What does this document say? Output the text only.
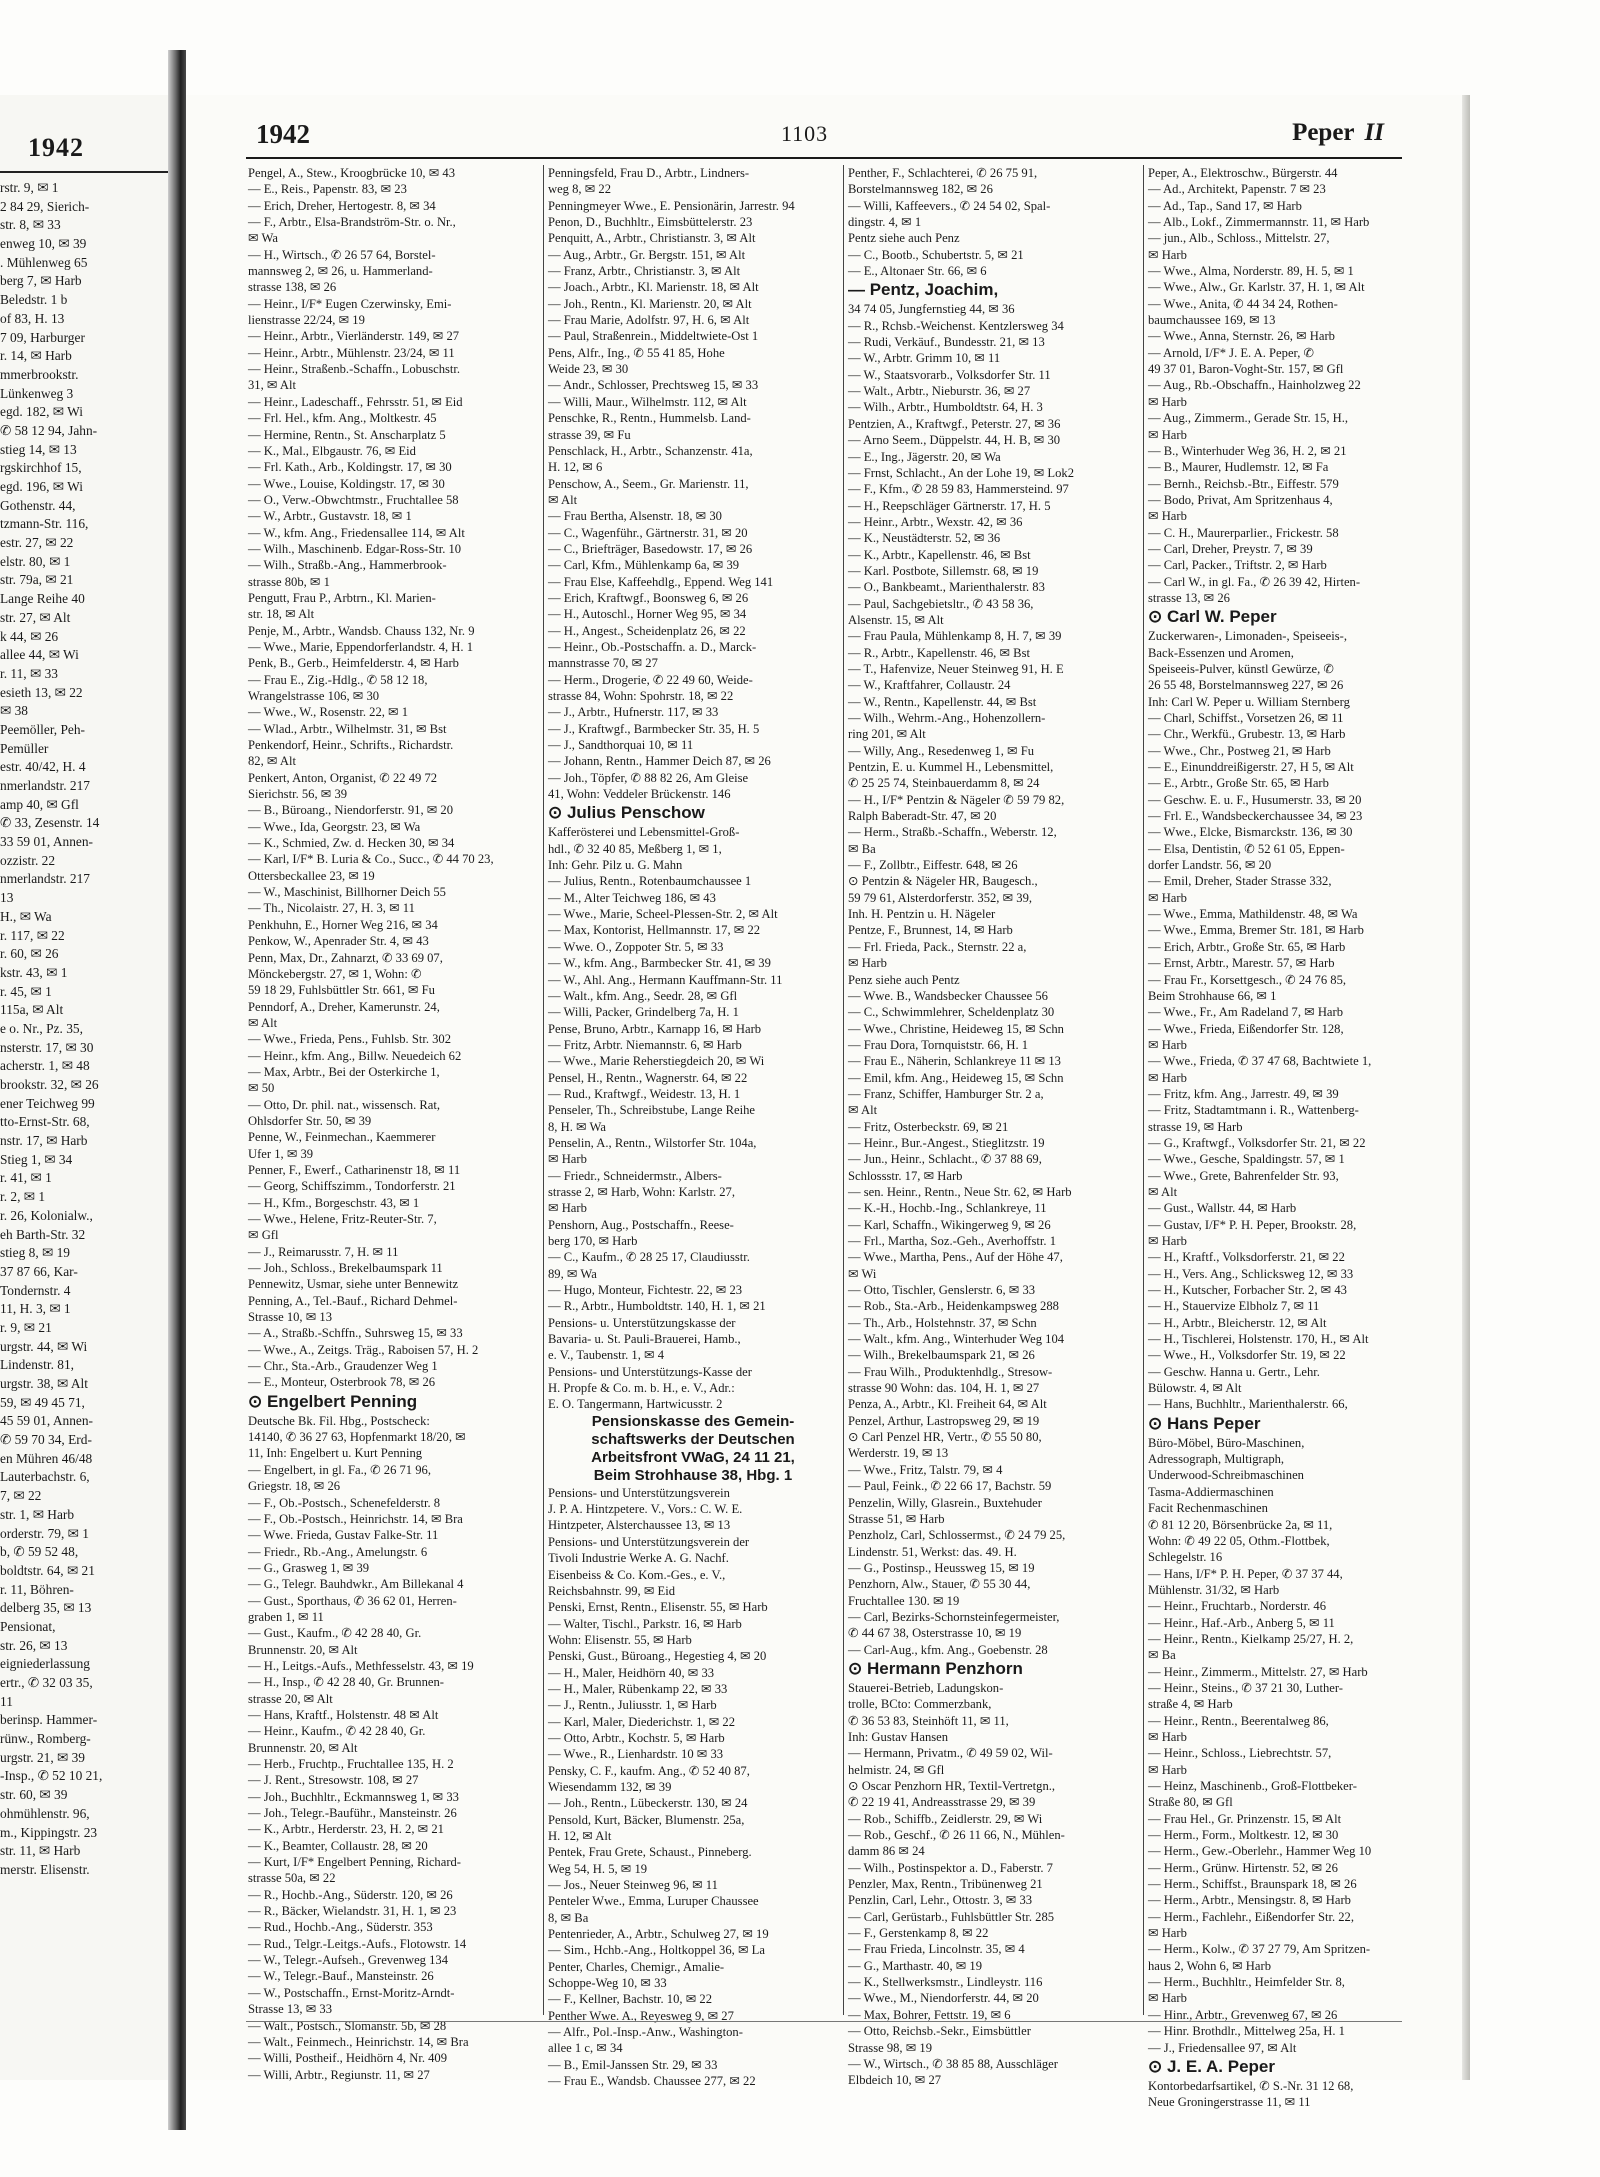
1942
rstr. 9, ✉ 1
2 84 29, Sierich-
str. 8, ✉ 33
enweg 10, ✉ 39
. Mühlenweg 65
berg 7, ✉ Harb
Beledstr. 1 b
of 83, H. 13
7 09, Harburger
r. 14, ✉ Harb
mmerbrookstr.
Lünkenweg 3
egd. 182, ✉ Wi
✆ 58 12 94, Jahn-
stieg 14, ✉ 13
rgskirchhof 15,
egd. 196, ✉ Wi
Gothenstr. 44,
tzmann-Str. 116,
estr. 27, ✉ 22
elstr. 80, ✉ 1
str. 79a, ✉ 21
Lange Reihe 40
str. 27, ✉ Alt
k 44, ✉ 26
allee 44, ✉ Wi
r. 11, ✉ 33
esieth 13, ✉ 22
✉ 38
Peemöller, Peh-
Pemüller
estr. 40/42, H. 4
nmerlandstr. 217
amp 40, ✉ Gfl
✆ 33, Zesenstr. 14
33 59 01, Annen-
ozzistr. 22
nmerlandstr. 217
13
H., ✉ Wa
r. 117, ✉ 22
r. 60, ✉ 26
kstr. 43, ✉ 1
r. 45, ✉ 1
115a, ✉ Alt
e o. Nr., Pz. 35,
nsterstr. 17, ✉ 30
acherstr. 1, ✉ 48
brookstr. 32, ✉ 26
ener Teichweg 99
tto-Ernst-Str. 68,
nstr. 17, ✉ Harb
Stieg 1, ✉ 34
r. 41, ✉ 1
r. 2, ✉ 1
r. 26, Kolonialw.,
eh Barth-Str. 32
stieg 8, ✉ 19
37 87 66, Kar-
Tondernstr. 4
11, H. 3, ✉ 1
r. 9, ✉ 21
urgstr. 44, ✉ Wi
Lindenstr. 81,
urgstr. 38, ✉ Alt
59, ✉ 49 45 71,
45 59 01, Annen-
✆ 59 70 34, Erd-
en Mühren 46/48
Lauterbachstr. 6,
7, ✉ 22
str. 1, ✉ Harb
orderstr. 79, ✉ 1
b, ✆ 59 52 48,
boldtstr. 64, ✉ 21
r. 11, Böhren-
delberg 35, ✉ 13
Pensionat,
str. 26, ✉ 13
eigniederlassung
ertr., ✆ 32 03 35,
11
berinsp. Hammer-
rünw., Romberg-
urgstr. 21, ✉ 39
-Insp., ✆ 52 10 21,
str. 60, ✉ 39
ohmühlenstr. 96,
m., Kippingstr. 23
str. 11, ✉ Harb
merstr. Elisenstr.
1942	1103	Peper II
Pengel, A., Stew., Kroogbrücke 10, ✉ 43
— E., Reis., Papenstr. 83, ✉ 23
— Erich, Dreher, Hertogestr. 8, ✉ 34
— F., Arbtr., Elsa-Brandström-Str. o. Nr.,
✉ Wa
— H., Wirtsch., ✆ 26 57 64, Borstel-
mannsweg 2, ✉ 26, u. Hammerland-
strasse 138, ✉ 26
— Heinr., I/F* Eugen Czerwinsky, Emi-
lienstrasse 22/24, ✉ 19
— Heinr., Arbtr., Vierländerstr. 149, ✉ 27
— Heinr., Arbtr., Mühlenstr. 23/24, ✉ 11
— Heinr., Straßenb.-Schaffn., Lobuschstr.
31, ✉ Alt
— Heinr., Ladeschaff., Fehrsstr. 51, ✉ Eid
— Frl. Hel., kfm. Ang., Moltkestr. 45
— Hermine, Rentn., St. Anscharplatz 5
— K., Mal., Elbgaustr. 76, ✉ Eid
— Frl. Kath., Arb., Koldingstr. 17, ✉ 30
— Wwe., Louise, Koldingstr. 17, ✉ 30
— O., Verw.-Obwchtmstr., Fruchtallee 58
— W., Arbtr., Gustavstr. 18, ✉ 1
— W., kfm. Ang., Friedensallee 114, ✉ Alt
— Wilh., Maschinenb. Edgar-Ross-Str. 10
— Wilh., Straßb.-Ang., Hammerbrook-
strasse 80b, ✉ 1
Pengutt, Frau P., Arbtrn., Kl. Marien-
str. 18, ✉ Alt
Penje, M., Arbtr., Wandsb. Chauss 132, Nr. 9
— Wwe., Marie, Eppendorferlandstr. 4, H. 1
Penk, B., Gerb., Heimfelderstr. 4, ✉ Harb
— Frau E., Zig.-Hdlg., ✆ 58 12 18,
Wrangelstrasse 106, ✉ 30
— Wwe., W., Rosenstr. 22, ✉ 1
— Wlad., Arbtr., Wilhelmstr. 31, ✉ Bst
Penkendorf, Heinr., Schrifts., Richardstr.
82, ✉ Alt
Penkert, Anton, Organist, ✆ 22 49 72
Sierichstr. 56, ✉ 39
— B., Büroang., Niendorferstr. 91, ✉ 20
— Wwe., Ida, Georgstr. 23, ✉ Wa
— K., Schmied, Zw. d. Hecken 30, ✉ 34
— Karl, I/F* B. Luria & Co., Succ., ✆ 44 70 23,
Ottersbeckallee 23, ✉ 19
— W., Maschinist, Billhorner Deich 55
— Th., Nicolaistr. 27, H. 3, ✉ 11
Penkhuhn, E., Horner Weg 216, ✉ 34
Penkow, W., Apenrader Str. 4, ✉ 43
Penn, Max, Dr., Zahnarzt, ✆ 33 69 07,
Mönckebergstr. 27, ✉ 1, Wohn: ✆
59 18 29, Fuhlsbüttler Str. 661, ✉ Fu
Penndorf, A., Dreher, Kamerunstr. 24,
✉ Alt
— Wwe., Frieda, Pens., Fuhlsb. Str. 302
— Heinr., kfm. Ang., Billw. Neuedeich 62
— Max, Arbtr., Bei der Osterkirche 1,
✉ 50
— Otto, Dr. phil. nat., wissensch. Rat,
Ohlsdorfer Str. 50, ✉ 39
Penne, W., Feinmechan., Kaemmerer
Ufer 1, ✉ 39
Penner, F., Ewerf., Catharinenstr 18, ✉ 11
— Georg, Schiffszimm., Tondorferstr. 21
— H., Kfm., Borgeschstr. 43, ✉ 1
— Wwe., Helene, Fritz-Reuter-Str. 7,
✉ Gfl
— J., Reimarusstr. 7, H. ✉ 11
— Joh., Schloss., Brekelbaumspark 11
Pennewitz, Usmar, siehe unter Bennewitz
Penning, A., Tel.-Bauf., Richard Dehmel-
Strasse 10, ✉ 13
— A., Straßb.-Schffn., Suhrsweg 15, ✉ 33
— Wwe., A., Zeitgs. Träg., Raboisen 57, H. 2
— Chr., Sta.-Arb., Graudenzer Weg 1
— E., Monteur, Osterbrook 78, ✉ 26
⊙ Engelbert Penning
Deutsche Bk. Fil. Hbg., Postscheck:
14140, ✆ 36 27 63, Hopfenmarkt 18/20, ✉
11, Inh: Engelbert u. Kurt Penning
— Engelbert, in gl. Fa., ✆ 26 71 96,
Griegstr. 18, ✉ 26
— F., Ob.-Postsch., Schenefelderstr. 8
— F., Ob.-Postsch., Heinrichstr. 14, ✉ Bra
— Wwe. Frieda, Gustav Falke-Str. 11
— Friedr., Rb.-Ang., Amelungstr. 6
— G., Grasweg 1, ✉ 39
— G., Telegr. Bauhdwkr., Am Billekanal 4
— Gust., Sporthaus, ✆ 36 62 01, Herren-
graben 1, ✉ 11
— Gust., Kaufm., ✆ 42 28 40, Gr.
Brunnenstr. 20, ✉ Alt
— H., Leitgs.-Aufs., Methfesselstr. 43, ✉ 19
— H., Insp., ✆ 42 28 40, Gr. Brunnen-
strasse 20, ✉ Alt
— Hans, Kraftf., Holstenstr. 48 ✉ Alt
— Heinr., Kaufm., ✆ 42 28 40, Gr.
Brunnenstr. 20, ✉ Alt
— Herb., Fruchtp., Fruchtallee 135, H. 2
— J. Rent., Stresowstr. 108, ✉ 27
— Joh., Buchhltr., Eckmannsweg 1, ✉ 33
— Joh., Telegr.-Bauführ., Mansteinstr. 26
— K., Arbtr., Herderstr. 23, H. 2, ✉ 21
— K., Beamter, Collaustr. 28, ✉ 20
— Kurt, I/F* Engelbert Penning, Richard-
strasse 50a, ✉ 22
— R., Hochb.-Ang., Süderstr. 120, ✉ 26
— R., Bäcker, Wielandstr. 31, H. 1, ✉ 23
— Rud., Hochb.-Ang., Süderstr. 353
— Rud., Telgr.-Leitgs.-Aufs., Flotowstr. 14
— W., Telegr.-Aufseh., Grevenweg 134
— W., Telegr.-Bauf., Mansteinstr. 26
— W., Postschaffn., Ernst-Moritz-Arndt-
Strasse 13, ✉ 33
— Walt., Postsch., Slomanstr. 5b, ✉ 28
— Walt., Feinmech., Heinrichstr. 14, ✉ Bra
— Willi, Postheif., Heidhörn 4, Nr. 409
— Willi, Arbtr., Regiunstr. 11, ✉ 27
Penningsfeld, Frau D., Arbtr., Lindners-
weg 8, ✉ 22
Penningmeyer Wwe., E. Pensionärin, Jarrestr. 94
Penon, D., Buchhltr., Eimsbüttelerstr. 23
Penquitt, A., Arbtr., Christianstr. 3, ✉ Alt
— Aug., Arbtr., Gr. Bergstr. 151, ✉ Alt
— Franz, Arbtr., Christianstr. 3, ✉ Alt
— Joach., Arbtr., Kl. Marienstr. 18, ✉ Alt
— Joh., Rentn., Kl. Marienstr. 20, ✉ Alt
— Frau Marie, Adolfstr. 97, H. 6, ✉ Alt
— Paul, Straßenrein., Middeltwiete-Ost 1
Pens, Alfr., Ing., ✆ 55 41 85, Hohe
Weide 23, ✉ 30
— Andr., Schlosser, Prechtsweg 15, ✉ 33
— Willi, Maur., Wilhelmstr. 112, ✉ Alt
Penschke, R., Rentn., Hummelsb. Land-
strasse 39, ✉ Fu
Penschlack, H., Arbtr., Schanzenstr. 41a,
H. 12, ✉ 6
Penschow, A., Seem., Gr. Marienstr. 11,
✉ Alt
— Frau Bertha, Alsenstr. 18, ✉ 30
— C., Wagenführ., Gärtnerstr. 31, ✉ 20
— C., Briefträger, Basedowstr. 17, ✉ 26
— Carl, Kfm., Mühlenkamp 6a, ✉ 39
— Frau Else, Kaffeehdlg., Eppend. Weg 141
— Erich, Kraftwgf., Boonsweg 6, ✉ 26
— H., Autoschl., Horner Weg 95, ✉ 34
— H., Angest., Scheidenplatz 26, ✉ 22
— Heinr., Ob.-Postschaffn. a. D., Marck-
mannstrasse 70, ✉ 27
— Herm., Drogerie, ✆ 22 49 60, Weide-
strasse 84, Wohn: Spohrstr. 18, ✉ 22
— J., Arbtr., Hufnerstr. 117, ✉ 33
— J., Kraftwgf., Barmbecker Str. 35, H. 5
— J., Sandthorquai 10, ✉ 11
— Johann, Rentn., Hammer Deich 87, ✉ 26
— Joh., Töpfer, ✆ 88 82 26, Am Gleise
41, Wohn: Veddeler Brückenstr. 146
⊙ Julius Penschow
Kafferösterei und Lebensmittel-Groß-
hdl., ✆ 32 40 85, Meßberg 1, ✉ 1,
Inh: Gehr. Pilz u. G. Mahn
— Julius, Rentn., Rotenbaumchaussee 1
— M., Alter Teichweg 186, ✉ 43
— Wwe., Marie, Scheel-Plessen-Str. 2, ✉ Alt
— Max, Kontorist, Hellmannstr. 17, ✉ 22
— Wwe. O., Zoppoter Str. 5, ✉ 33
— W., kfm. Ang., Barmbecker Str. 41, ✉ 39
— W., Ahl. Ang., Hermann Kauffmann-Str. 11
— Walt., kfm. Ang., Seedr. 28, ✉ Gfl
— Willi, Packer, Grindelberg 7a, H. 1
Pense, Bruno, Arbtr., Karnapp 16, ✉ Harb
— Fritz, Arbtr. Niemannstr. 6, ✉ Harb
— Wwe., Marie Reherstiegdeich 20, ✉ Wi
Pensel, H., Rentn., Wagnerstr. 64, ✉ 22
— Rud., Kraftwgf., Weidestr. 13, H. 1
Penseler, Th., Schreibstube, Lange Reihe
8, H. ✉ Wa
Penselin, A., Rentn., Wilstorfer Str. 104a,
✉ Harb
— Friedr., Schneidermstr., Albers-
strasse 2, ✉ Harb, Wohn: Karlstr. 27,
✉ Harb
Penshorn, Aug., Postschaffn., Reese-
berg 170, ✉ Harb
— C., Kaufm., ✆ 28 25 17, Claudiusstr.
89, ✉ Wa
— Hugo, Monteur, Fichtestr. 22, ✉ 23
— R., Arbtr., Humboldtstr. 140, H. 1, ✉ 21
Pensions- u. Unterstützungskasse der
Bavaria- u. St. Pauli-Brauerei, Hamb.,
e. V., Taubenstr. 1, ✉ 4
Pensions- und Unterstützungs-Kasse der
H. Propfe & Co. m. b. H., e. V., Adr.:
E. O. Tangermann, Hartwicusstr. 2
Pensionskasse des Gemein-
schaftswerks der Deutschen
Arbeitsfront VWaG, 24 11 21,
Beim Strohhause 38, Hbg. 1
Pensions- und Unterstützungsverein
J. P. A. Hintzpetere. V., Vors.: C. W. E.
Hintzpeter, Alsterchaussee 13, ✉ 13
Pensions- und Unterstützungsverein der
Tivoli Industrie Werke A. G. Nachf.
Eisenbeiss & Co. Kom.-Ges., e. V.,
Reichsbahnstr. 99, ✉ Eid
Penski, Ernst, Rentn., Elisenstr. 55, ✉ Harb
— Walter, Tischl., Parkstr. 16, ✉ Harb
Wohn: Elisenstr. 55, ✉ Harb
Penski, Gust., Büroang., Hegestieg 4, ✉ 20
— H., Maler, Heidhörn 40, ✉ 33
— H., Maler, Rübenkamp 22, ✉ 33
— J., Rentn., Juliusstr. 1, ✉ Harb
— Karl, Maler, Diederichstr. 1, ✉ 22
— Otto, Arbtr., Kochstr. 5, ✉ Harb
— Wwe., R., Lienhardstr. 10 ✉ 33
Pensky, C. F., kaufm. Ang., ✆ 52 40 87,
Wiesendamm 132, ✉ 39
— Joh., Rentn., Lübeckerstr. 130, ✉ 24
Pensold, Kurt, Bäcker, Blumenstr. 25a,
H. 12, ✉ Alt
Pentek, Frau Grete, Schaust., Pinneberg.
Weg 54, H. 5, ✉ 19
— Jos., Neuer Steinweg 96, ✉ 11
Penteler Wwe., Emma, Luruper Chaussee
8, ✉ Ba
Pentenrieder, A., Arbtr., Schulweg 27, ✉ 19
— Sim., Hchb.-Ang., Holtkoppel 36, ✉ La
Penter, Charles, Chemigr., Amalie-
Schoppe-Weg 10, ✉ 33
— F., Kellner, Bachstr. 10, ✉ 22
Penther Wwe. A., Reyesweg 9, ✉ 27
— Alfr., Pol.-Insp.-Anw., Washington-
allee 1 c, ✉ 34
— B., Emil-Janssen Str. 29, ✉ 33
— Frau E., Wandsb. Chaussee 277, ✉ 22
Penther, F., Schlachterei, ✆ 26 75 91,
Borstelmannsweg 182, ✉ 26
— Willi, Kaffeevers., ✆ 24 54 02, Spal-
dingstr. 4, ✉ 1
Pentz siehe auch Penz
— C., Bootb., Schubertstr. 5, ✉ 21
— E., Altonaer Str. 66, ✉ 6
— Pentz, Joachim,
34 74 05, Jungfernstieg 44, ✉ 36
— R., Rchsb.-Weichenst. Kentzlersweg 34
— Rudi, Verkäuf., Bundesstr. 21, ✉ 13
— W., Arbtr. Grimm 10, ✉ 11
— W., Staatsvorarb., Volksdorfer Str. 11
— Walt., Arbtr., Nieburstr. 36, ✉ 27
— Wilh., Arbtr., Humboldtstr. 64, H. 3
Pentzien, A., Kraftwgf., Peterstr. 27, ✉ 36
— Arno Seem., Düppelstr. 44, H. B, ✉ 30
— E., Ing., Jägerstr. 20, ✉ Wa
— Frnst, Schlacht., An der Lohe 19, ✉ Lok2
— F., Kfm., ✆ 28 59 83, Hammersteind. 97
— H., Reepschläger Gärtnerstr. 17, H. 5
— Heinr., Arbtr., Wexstr. 42, ✉ 36
— K., Neustädterstr. 52, ✉ 36
— K., Arbtr., Kapellenstr. 46, ✉ Bst
— Karl. Postbote, Sillemstr. 68, ✉ 19
— O., Bankbeamt., Marienthalerstr. 83
— Paul, Sachgebietsltr., ✆ 43 58 36,
Alsenstr. 15, ✉ Alt
— Frau Paula, Mühlenkamp 8, H. 7, ✉ 39
— R., Arbtr., Kapellenstr. 46, ✉ Bst
— T., Hafenvize, Neuer Steinweg 91, H. E
— W., Kraftfahrer, Collaustr. 24
— W., Rentn., Kapellenstr. 44, ✉ Bst
— Wilh., Wehrm.-Ang., Hohenzollern-
ring 201, ✉ Alt
— Willy, Ang., Resedenweg 1, ✉ Fu
Pentzin, E. u. Kummel H., Lebensmittel,
✆ 25 25 74, Steinbauerdamm 8, ✉ 24
— H., I/F* Pentzin & Nägeler ✆ 59 79 82,
Ralph Baberadt-Str. 47, ✉ 20
— Herm., Straßb.-Schaffn., Weberstr. 12,
✉ Ba
— F., Zollbtr., Eiffestr. 648, ✉ 26
⊙ Pentzin & Nägeler HR, Baugesch.,
59 79 61, Alsterdorferstr. 352, ✉ 39,
Inh. H. Pentzin u. H. Nägeler
Pentze, F., Brunnest, 14, ✉ Harb
— Frl. Frieda, Pack., Sternstr. 22 a,
✉ Harb
Penz siehe auch Pentz
— Wwe. B., Wandsbecker Chaussee 56
— C., Schwimmlehrer, Scheldenplatz 30
— Wwe., Christine, Heideweg 15, ✉ Schn
— Frau Dora, Tornquiststr. 66, H. 1
— Frau E., Näherin, Schlankreye 11 ✉ 13
— Emil, kfm. Ang., Heideweg 15, ✉ Schn
— Franz, Schiffer, Hamburger Str. 2 a,
✉ Alt
— Fritz, Osterbeckstr. 69, ✉ 21
— Heinr., Bur.-Angest., Stieglitzstr. 19
— Jun., Heinr., Schlacht., ✆ 37 88 69,
Schlossstr. 17, ✉ Harb
— sen. Heinr., Rentn., Neue Str. 62, ✉ Harb
— K.-H., Hochb.-Ing., Schlankreye, 11
— Karl, Schaffn., Wikingerweg 9, ✉ 26
— Frl., Martha, Soz.-Geh., Averhoffstr. 1
— Wwe., Martha, Pens., Auf der Höhe 47,
✉ Wi
— Otto, Tischler, Genslerstr. 6, ✉ 33
— Rob., Sta.-Arb., Heidenkampsweg 288
— Th., Arb., Holstehnstr. 37, ✉ Schn
— Walt., kfm. Ang., Winterhuder Weg 104
— Wilh., Brekelbaumspark 21, ✉ 26
— Frau Wilh., Produktenhdlg., Stresow-
strasse 90 Wohn: das. 104, H. 1, ✉ 27
Penza, A., Arbtr., Kl. Freiheit 64, ✉ Alt
Penzel, Arthur, Lastropsweg 29, ✉ 19
⊙ Carl Penzel HR, Vertr., ✆ 55 50 80,
Werderstr. 19, ✉ 13
— Wwe., Fritz, Talstr. 79, ✉ 4
— Paul, Feink., ✆ 22 66 17, Bachstr. 59
Penzelin, Willy, Glasrein., Buxtehuder
Strasse 51, ✉ Harb
Penzholz, Carl, Schlossermst., ✆ 24 79 25,
Lindenstr. 51, Werkst: das. 49. H.
— G., Postinsp., Heussweg 15, ✉ 19
Penzhorn, Alw., Stauer, ✆ 55 30 44,
Fruchtallee 130. ✉ 19
— Carl, Bezirks-Schornsteinfegermeister,
✆ 44 67 38, Osterstrasse 10, ✉ 19
— Carl-Aug., kfm. Ang., Goebenstr. 28
⊙ Hermann Penzhorn
Stauerei-Betrieb, Ladungskon-
trolle, BCto: Commerzbank,
✆ 36 53 83, Steinhöft 11, ✉ 11,
Inh: Gustav Hansen
— Hermann, Privatm., ✆ 49 59 02, Wil-
helmistr. 24, ✉ Gfl
⊙ Oscar Penzhorn HR, Textil-Vertretgn.,
✆ 22 19 41, Andreasstrasse 29, ✉ 39
— Rob., Schiffb., Zeidlerstr. 29, ✉ Wi
— Rob., Geschf., ✆ 26 11 66, N., Mühlen-
damm 86 ✉ 24
— Wilh., Postinspektor a. D., Faberstr. 7
Penzler, Max, Rentn., Tribünenweg 21
Penzlin, Carl, Lehr., Ottostr. 3, ✉ 33
— Carl, Gerüstarb., Fuhlsbüttler Str. 285
— F., Gerstenkamp 8, ✉ 22
— Frau Frieda, Lincolnstr. 35, ✉ 4
— G., Marthastr. 40, ✉ 19
— K., Stellwerksmstr., Lindleystr. 116
— Wwe., M., Niendorferstr. 44, ✉ 20
— Max, Bohrer, Fettstr. 19, ✉ 6
— Otto, Reichsb.-Sekr., Eimsbüttler
Strasse 98, ✉ 19
— W., Wirtsch., ✆ 38 85 88, Ausschläger
Elbdeich 10, ✉ 27
Peper, A., Elektroschw., Bürgerstr. 44
— Ad., Architekt, Papenstr. 7 ✉ 23
— Ad., Tap., Sand 17, ✉ Harb
— Alb., Lokf., Zimmermannstr. 11, ✉ Harb
— jun., Alb., Schloss., Mittelstr. 27,
✉ Harb
— Wwe., Alma, Norderstr. 89, H. 5, ✉ 1
— Wwe., Alw., Gr. Karlstr. 37, H. 1, ✉ Alt
— Wwe., Anita, ✆ 44 34 24, Rothen-
baumchaussee 169, ✉ 13
— Wwe., Anna, Sternstr. 26, ✉ Harb
— Arnold, I/F* J. E. A. Peper, ✆
49 37 01, Baron-Voght-Str. 157, ✉ Gfl
— Aug., Rb.-Obschaffn., Hainholzweg 22
✉ Harb
— Aug., Zimmerm., Gerade Str. 15, H.,
✉ Harb
— B., Winterhuder Weg 36, H. 2, ✉ 21
— B., Maurer, Hudlemstr. 12, ✉ Fa
— Bernh., Reichsb.-Btr., Eiffestr. 579
— Bodo, Privat, Am Spritzenhaus 4,
✉ Harb
— C. H., Maurerparlier., Frickestr. 58
— Carl, Dreher, Preystr. 7, ✉ 39
— Carl, Packer., Triftstr. 2, ✉ Harb
— Carl W., in gl. Fa., ✆ 26 39 42, Hirten-
strasse 13, ✉ 26
⊙ Carl W. Peper
Zuckerwaren-, Limonaden-, Speiseeis-,
Back-Essenzen und Aromen,
Speiseeis-Pulver, künstl Gewürze, ✆
26 55 48, Borstelmannsweg 227, ✉ 26
Inh: Carl W. Peper u. William Sternberg
— Charl, Schiffst., Vorsetzen 26, ✉ 11
— Chr., Werkfü., Grubestr. 13, ✉ Harb
— Wwe., Chr., Postweg 21, ✉ Harb
— E., Einunddreißigerstr. 27, H 5, ✉ Alt
— E., Arbtr., Große Str. 65, ✉ Harb
— Geschw. E. u. F., Husumerstr. 33, ✉ 20
— Frl. E., Wandsbeckerchaussee 34, ✉ 23
— Wwe., Elcke, Bismarckstr. 136, ✉ 30
— Elsa, Dentistin, ✆ 52 61 05, Eppen-
dorfer Landstr. 56, ✉ 20
— Emil, Dreher, Stader Strasse 332,
✉ Harb
— Wwe., Emma, Mathildenstr. 48, ✉ Wa
— Wwe., Emma, Bremer Str. 181, ✉ Harb
— Erich, Arbtr., Große Str. 65, ✉ Harb
— Ernst, Arbtr., Marestr. 57, ✉ Harb
— Frau Fr., Korsettgesch., ✆ 24 76 85,
Beim Strohhause 66, ✉ 1
— Wwe., Fr., Am Radeland 7, ✉ Harb
— Wwe., Frieda, Eißendorfer Str. 128,
✉ Harb
— Wwe., Frieda, ✆ 37 47 68, Bachtwiete 1,
✉ Harb
— Fritz, kfm. Ang., Jarrestr. 49, ✉ 39
— Fritz, Stadtamtmann i. R., Wattenberg-
strasse 19, ✉ Harb
— G., Kraftwgf., Volksdorfer Str. 21, ✉ 22
— Wwe., Gesche, Spaldingstr. 57, ✉ 1
— Wwe., Grete, Bahrenfelder Str. 93,
✉ Alt
— Gust., Wallstr. 44, ✉ Harb
— Gustav, I/F* P. H. Peper, Brookstr. 28,
✉ Harb
— H., Kraftf., Volksdorferstr. 21, ✉ 22
— H., Vers. Ang., Schlicksweg 12, ✉ 33
— H., Kutscher, Forbacher Str. 2, ✉ 43
— H., Stauervize Elbholz 7, ✉ 11
— H., Arbtr., Bleicherstr. 12, ✉ Alt
— H., Tischlerei, Holstenstr. 170, H., ✉ Alt
— Wwe., H., Volksdorfer Str. 19, ✉ 22
— Geschw. Hanna u. Gertr., Lehr.
Bülowstr. 4, ✉ Alt
— Hans, Buchhltr., Marienthalerstr. 66,
⊙ Hans Peper
Büro-Möbel, Büro-Maschinen,
Adressograph, Multigraph,
Underwood-Schreibmaschinen
Tasma-Addiermaschinen
Facit Rechenmaschinen
✆ 81 12 20, Börsenbrücke 2a, ✉ 11,
Wohn: ✆ 49 22 05, Othm.-Flottbek,
Schlegelstr. 16
— Hans, I/F* P. H. Peper, ✆ 37 37 44,
Mühlenstr. 31/32, ✉ Harb
— Heinr., Fruchtarb., Norderstr. 46
— Heinr., Haf.-Arb., Anberg 5, ✉ 11
— Heinr., Rentn., Kielkamp 25/27, H. 2,
✉ Ba
— Heinr., Zimmerm., Mittelstr. 27, ✉ Harb
— Heinr., Steins., ✆ 37 21 30, Luther-
straße 4, ✉ Harb
— Heinr., Rentn., Beerentalweg 86,
✉ Harb
— Heinr., Schloss., Liebrechtstr. 57,
✉ Harb
— Heinz, Maschinenb., Groß-Flottbeker-
Straße 80, ✉ Gfl
— Frau Hel., Gr. Prinzenstr. 15, ✉ Alt
— Herm., Form., Moltkestr. 12, ✉ 30
— Herm., Gew.-Oberlehr., Hammer Weg 10
— Herm., Grünw. Hirtenstr. 52, ✉ 26
— Herm., Schiffst., Braunspark 18, ✉ 26
— Herm., Arbtr., Mensingstr. 8, ✉ Harb
— Herm., Fachlehr., Eißendorfer Str. 22,
✉ Harb
— Herm., Kolw., ✆ 37 27 79, Am Spritzen-
haus 2, Wohn 6, ✉ Harb
— Herm., Buchhltr., Heimfelder Str. 8,
✉ Harb
— Hinr., Arbtr., Grevenweg 67, ✉ 26
— Hinr. Brothdlr., Mittelweg 25a, H. 1
— J., Friedensallee 97, ✉ Alt
⊙ J. E. A. Peper
Kontorbedarfsartikel, ✆ S.-Nr. 31 12 68,
Neue Groningerstrasse 11, ✉ 11
